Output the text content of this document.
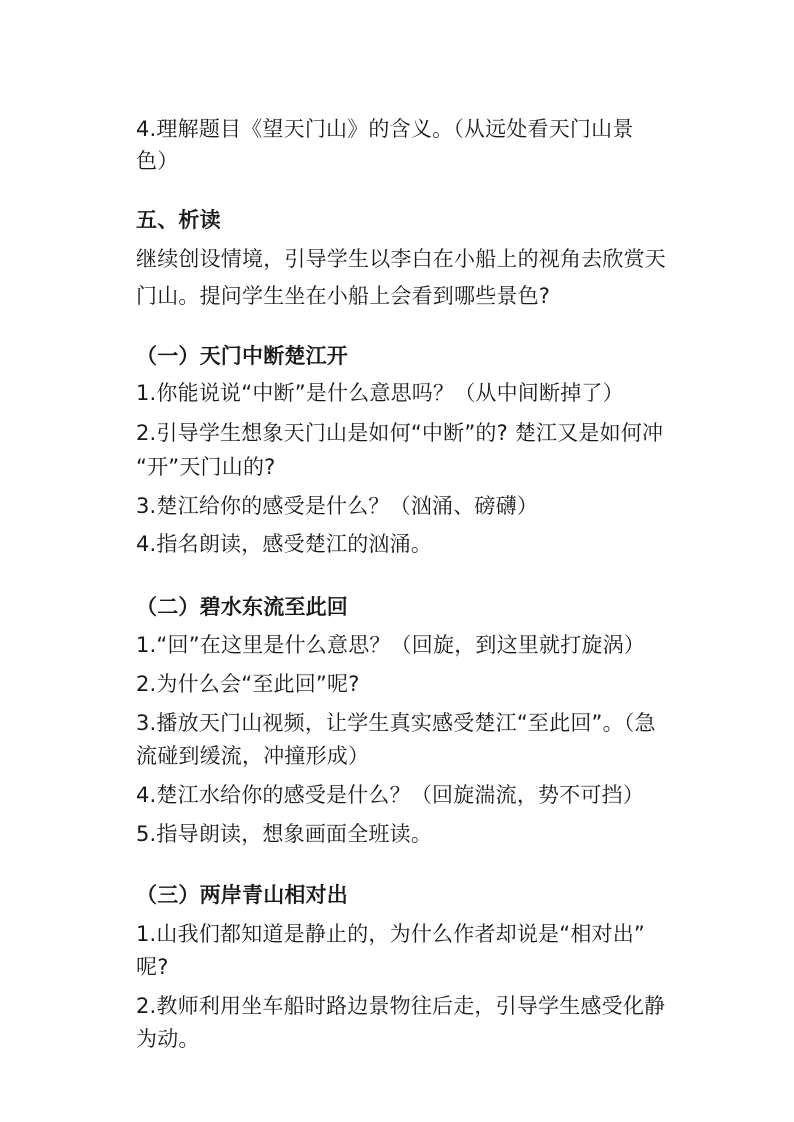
4.理解题目《望天门山》的含义。（从远处看天门山景
色）
五、析读
继续创设情境，引导学生以李白在小船上的视角去欣赏天
门山。提问学生坐在小船上会看到哪些景色?
（一）天门中断楚江开
1.你能说说“中断”是什么意思吗？（从中间断掉了）
2.引导学生想象天门山是如何“中断”的? 楚江又是如何冲
“开”天门山的?
3.楚江给你的感受是什么？（汹涌、磅礴）
4.指名朗读，感受楚江的汹涌。
（二）碧水东流至此回
1.“回”在这里是什么意思？（回旋，到这里就打旋涡）
2.为什么会“至此回”呢?
3.播放天门山视频，让学生真实感受楚江“至此回”。（急
流碰到缓流，冲撞形成）
4.楚江水给你的感受是什么？（回旋湍流，势不可挡）
5.指导朗读，想象画面全班读。
（三）两岸青山相对出
1.山我们都知道是静止的，为什么作者却说是“相对出”
呢?
2.教师利用坐车船时路边景物往后走，引导学生感受化静
为动。
